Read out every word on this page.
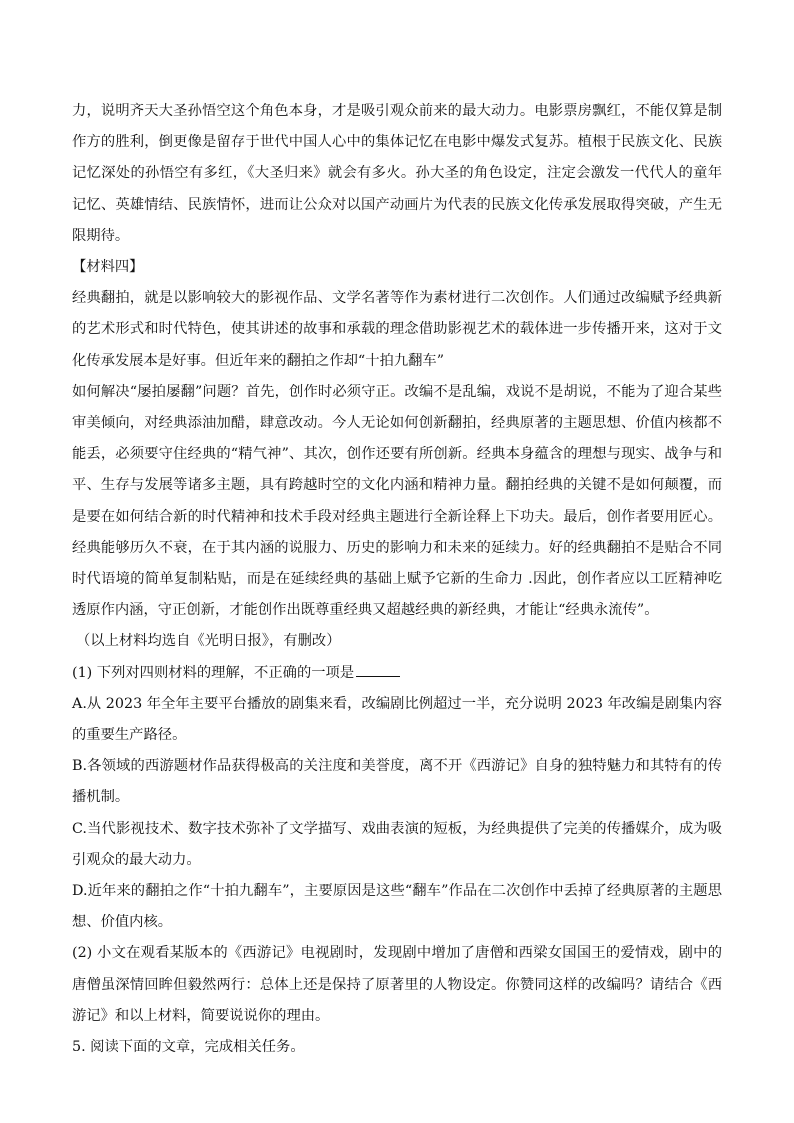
力，说明齐天大圣孙悟空这个角色本身，才是吸引观众前来的最大动力。电影票房飘红，不能仅算是制作方的胜利，倒更像是留存于世代中国人心中的集体记忆在电影中爆发式复苏。植根于民族文化、民族记忆深处的孙悟空有多红，《大圣归来》就会有多火。孙大圣的角色设定，注定会激发一代代人的童年记忆、英雄情结、民族情怀，进而让公众对以国产动画片为代表的民族文化传承发展取得突破，产生无限期待。

【材料四】

经典翻拍，就是以影响较大的影视作品、文学名著等作为素材进行二次创作。人们通过改编赋予经典新的艺术形式和时代特色，使其讲述的故事和承载的理念借助影视艺术的载体进一步传播开来，这对于文化传承发展本是好事。但近年来的翻拍之作却“十拍九翻车”

如何解决“屡拍屡翻”问题？首先，创作时必须守正。改编不是乱编，戏说不是胡说，不能为了迎合某些审美倾向，对经典添油加醋，肆意改动。今人无论如何创新翻拍，经典原著的主题思想、价值内核都不能丢，必须要守住经典的“精气神”、其次，创作还要有所创新。经典本身蕴含的理想与现实、战争与和平、生存与发展等诸多主题，具有跨越时空的文化内涵和精神力量。翻拍经典的关键不是如何颠覆，而是要在如何结合新的时代精神和技术手段对经典主题进行全新诠释上下功夫。最后，创作者要用匠心。经典能够历久不衰，在于其内涵的说服力、历史的影响力和未来的延续力。好的经典翻拍不是贴合不同时代语境的简单复制粘贴，而是在延续经典的基础上赋予它新的生命力 .因此，创作者应以工匠精神吃透原作内涵，守正创新，才能创作出既尊重经典又超越经典的新经典，才能让“经典永流传”。

（以上材料均选自《光明日报》，有删改）

(1) 下列对四则材料的理解，不正确的一项是

A.从 2023 年全年主要平台播放的剧集来看，改编剧比例超过一半，充分说明 2023 年改编是剧集内容的重要生产路径。

B.各领域的西游题材作品获得极高的关注度和美誉度，离不开《西游记》自身的独特魅力和其特有的传播机制。

C.当代影视技术、数字技术弥补了文学描写、戏曲表演的短板，为经典提供了完美的传播媒介，成为吸引观众的最大动力。

D.近年来的翻拍之作“十拍九翻车”，主要原因是这些“翻车”作品在二次创作中丢掉了经典原著的主题思想、价值内核。

(2) 小文在观看某版本的《西游记》电视剧时，发现剧中增加了唐僧和西梁女国国王的爱情戏，剧中的唐僧虽深情回眸但毅然两行：总体上还是保持了原著里的人物设定。你赞同这样的改编吗？请结合《西游记》和以上材料，简要说说你的理由。

5. 阅读下面的文章，完成相关任务。
